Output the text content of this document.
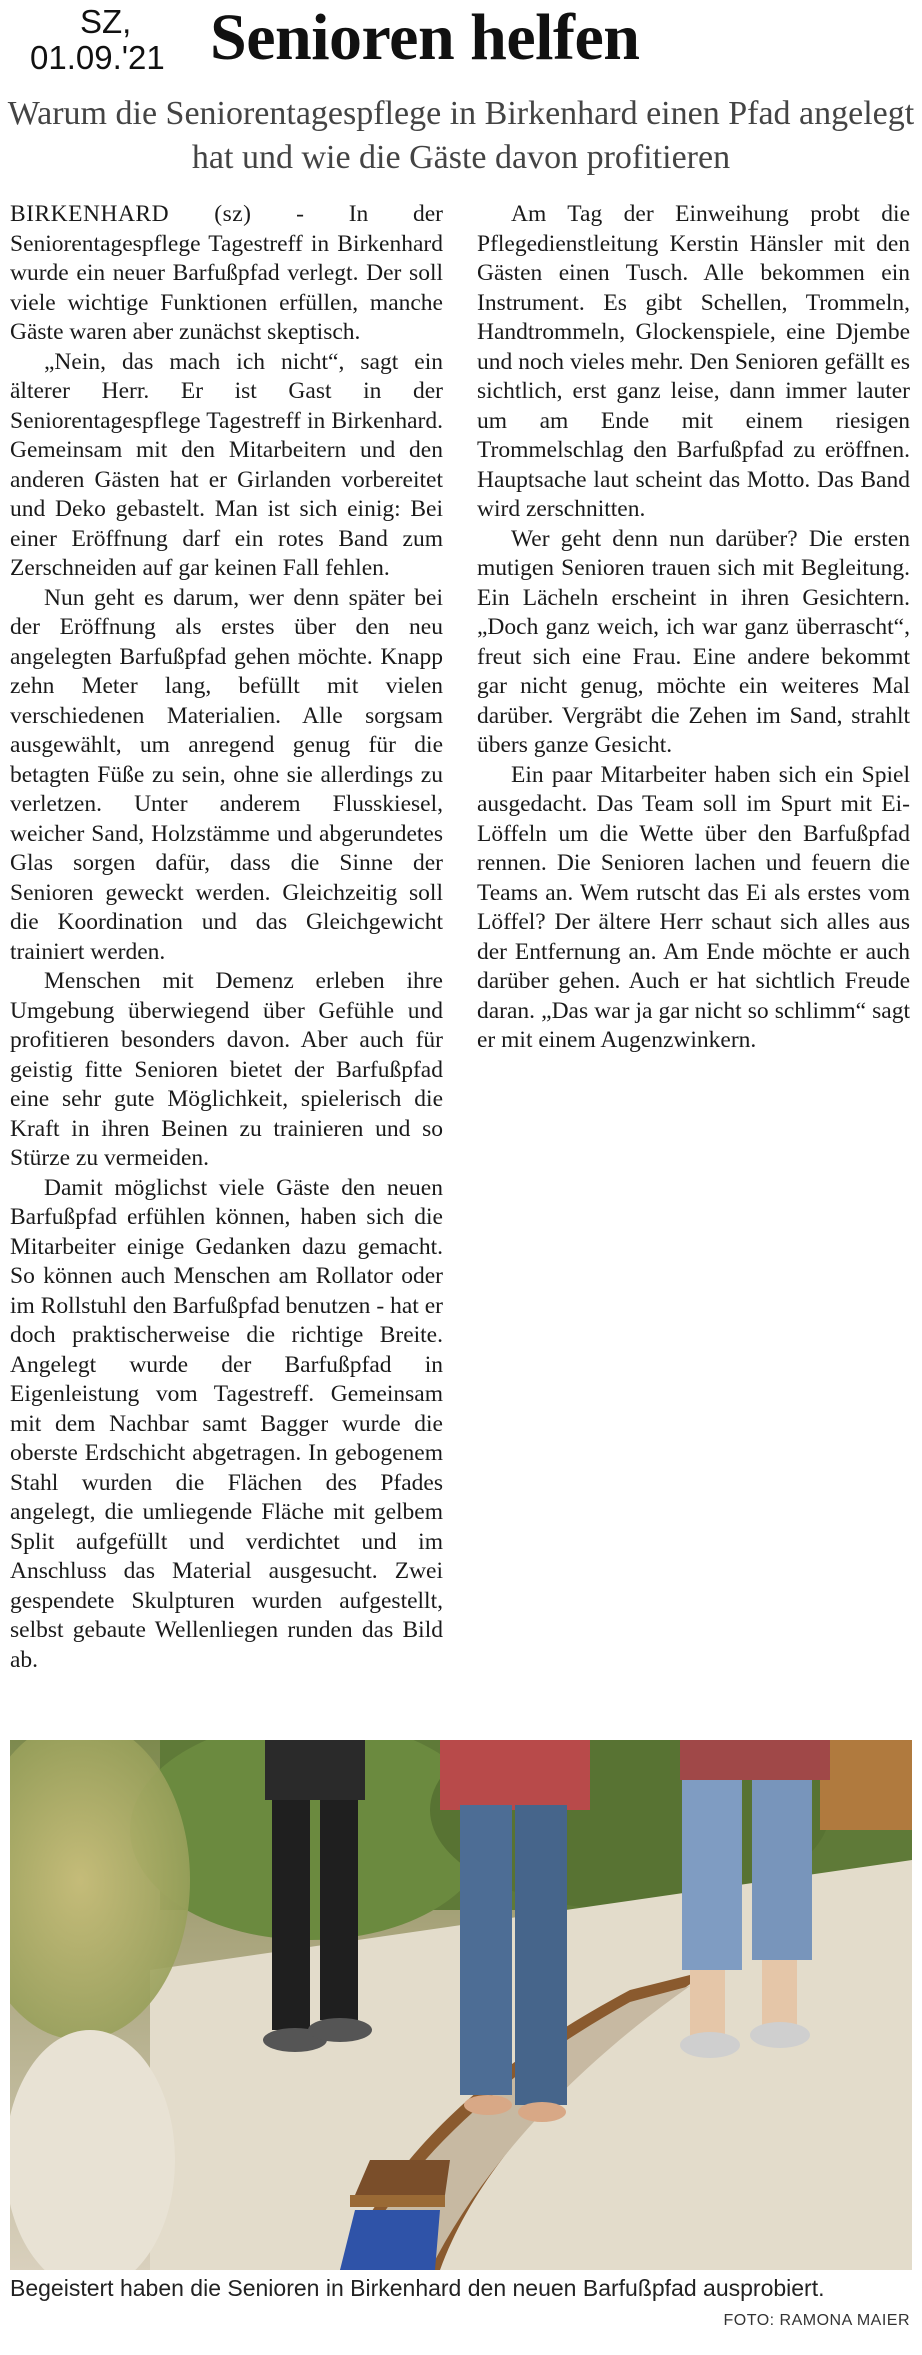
SZ,
01.09.'21 Senioren helfen
Warum die Seniorentagespflege in Birkenhard einen Pfad angelegt hat und wie die Gäste davon profitieren

BIRKENHARD (sz) - In der Seniorentagespflege Tagestreff in Birkenhard wurde ein neuer Barfußpfad verlegt. Der soll viele wichtige Funktionen erfüllen, manche Gäste waren aber zunächst skeptisch.

„Nein, das mach ich nicht“, sagt ein älterer Herr. Er ist Gast in der Seniorentagespflege Tagestreff in Birkenhard. Gemeinsam mit den Mitarbeitern und den anderen Gästen hat er Girlanden vorbereitet und Deko gebastelt. Man ist sich einig: Bei einer Eröffnung darf ein rotes Band zum Zerschneiden auf gar keinen Fall fehlen.

Nun geht es darum, wer denn später bei der Eröffnung als erstes über den neu angelegten Barfußpfad gehen möchte. Knapp zehn Meter lang, befüllt mit vielen verschiedenen Materialien. Alle sorgsam ausgewählt, um anregend genug für die betagten Füße zu sein, ohne sie allerdings zu verletzen. Unter anderem Flusskiesel, weicher Sand, Holzstämme und abgerundetes Glas sorgen dafür, dass die Sinne der Senioren geweckt werden. Gleichzeitig soll die Koordination und das Gleichgewicht trainiert werden.

Menschen mit Demenz erleben ihre Umgebung überwiegend über Gefühle und profitieren besonders davon. Aber auch für geistig fitte Senioren bietet der Barfußpfad eine sehr gute Möglichkeit, spielerisch die Kraft in ihren Beinen zu trainieren und so Stürze zu vermeiden.

Damit möglichst viele Gäste den neuen Barfußpfad erfühlen können, haben sich die Mitarbeiter einige Gedanken dazu gemacht. So können auch Menschen am Rollator oder im Rollstuhl den Barfußpfad benutzen - hat er doch praktischerweise die richtige Breite. Angelegt wurde der Barfußpfad in Eigenleistung vom Tagestreff. Gemeinsam mit dem Nachbar samt Bagger wurde die oberste Erdschicht abgetragen. In gebogenem Stahl wurden die Flächen des Pfades angelegt, die umliegende Fläche mit gelbem Split aufgefüllt und verdichtet und im Anschluss das Material ausgesucht. Zwei gespendete Skulpturen wurden aufgestellt, selbst gebaute Wellenliegen runden das Bild ab.

Am Tag der Einweihung probt die Pflegedienstleitung Kerstin Hänsler mit den Gästen einen Tusch. Alle bekommen ein Instrument. Es gibt Schellen, Trommeln, Handtrommeln, Glockenspiele, eine Djembe und noch vieles mehr. Den Senioren gefällt es sichtlich, erst ganz leise, dann immer lauter um am Ende mit einem riesigen Trommelschlag den Barfußpfad zu eröffnen. Hauptsache laut scheint das Motto. Das Band wird zerschnitten.

Wer geht denn nun darüber? Die ersten mutigen Senioren trauen sich mit Begleitung. Ein Lächeln erscheint in ihren Gesichtern. „Doch ganz weich, ich war ganz überrascht“, freut sich eine Frau. Eine andere bekommt gar nicht genug, möchte ein weiteres Mal darüber. Vergräbt die Zehen im Sand, strahlt übers ganze Gesicht.

Ein paar Mitarbeiter haben sich ein Spiel ausgedacht. Das Team soll im Spurt mit Ei-Löffeln um die Wette über den Barfußpfad rennen. Die Senioren lachen und feuern die Teams an. Wem rutscht das Ei als erstes vom Löffel? Der ältere Herr schaut sich alles aus der Entfernung an. Am Ende möchte er auch darüber gehen. Auch er hat sichtlich Freude daran. „Das war ja gar nicht so schlimm“ sagt er mit einem Augenzwinkern.

Begeistert haben die Senioren in Birkenhard den neuen Barfußpfad ausprobiert.
FOTO: RAMONA MAIER
